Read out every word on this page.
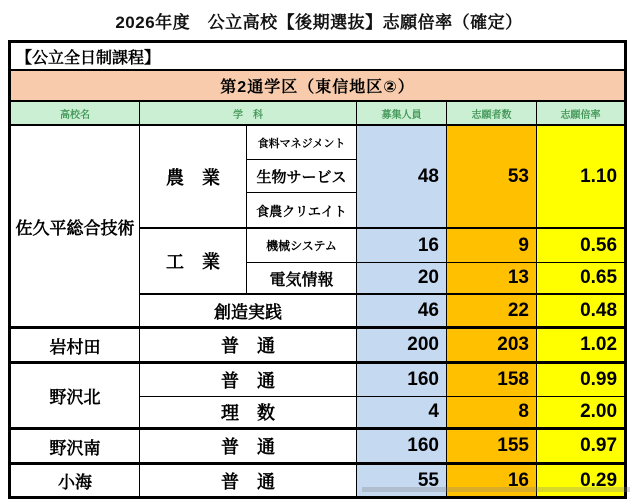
2026年度　公立高校【後期選抜】志願倍率（確定）
【公立全日制課程】					
第2通学区（東信地区②）					
高校名	学　科		募集人員	志願者数	志願倍率
佐久平総合技術	農　業	食料マネジメント	48	53	1.10
		生物サービス			
		食農クリエイト			
	工　業	機械システム	16	9	0.56
		電気情報	20	13	0.65
	創造実践		46	22	0.48
岩村田	普　通		200	203	1.02
野沢北	普　通		160	158	0.99
	理　数		4	8	2.00
野沢南	普　通		160	155	0.97
小海	普　通		55	16	0.29
